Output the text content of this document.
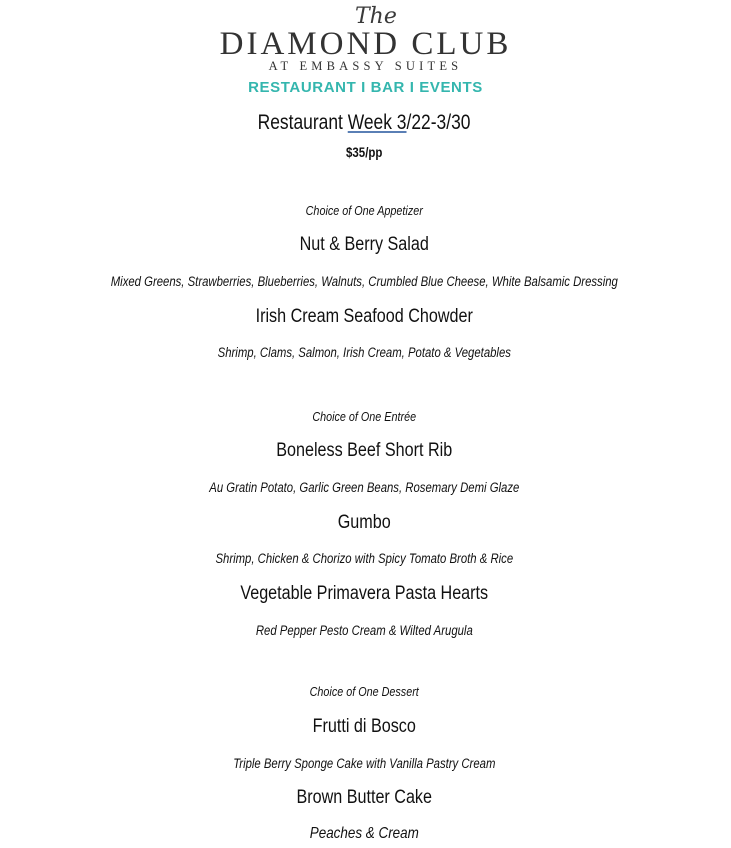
The
DIAMOND CLUB
AT EMBASSY SUITES
RESTAURANT I BAR I EVENTS
Restaurant Week 3/22-3/30
$35/pp
Choice of One Appetizer
Nut & Berry Salad
Mixed Greens, Strawberries, Blueberries, Walnuts, Crumbled Blue Cheese, White Balsamic Dressing
Irish Cream Seafood Chowder
Shrimp, Clams, Salmon, Irish Cream, Potato & Vegetables
Choice of One Entrée
Boneless Beef Short Rib
Au Gratin Potato, Garlic Green Beans, Rosemary Demi Glaze
Gumbo
Shrimp, Chicken & Chorizo with Spicy Tomato Broth & Rice
Vegetable Primavera Pasta Hearts
Red Pepper Pesto Cream & Wilted Arugula
Choice of One Dessert
Frutti di Bosco
Triple Berry Sponge Cake with Vanilla Pastry Cream
Brown Butter Cake
Peaches & Cream
